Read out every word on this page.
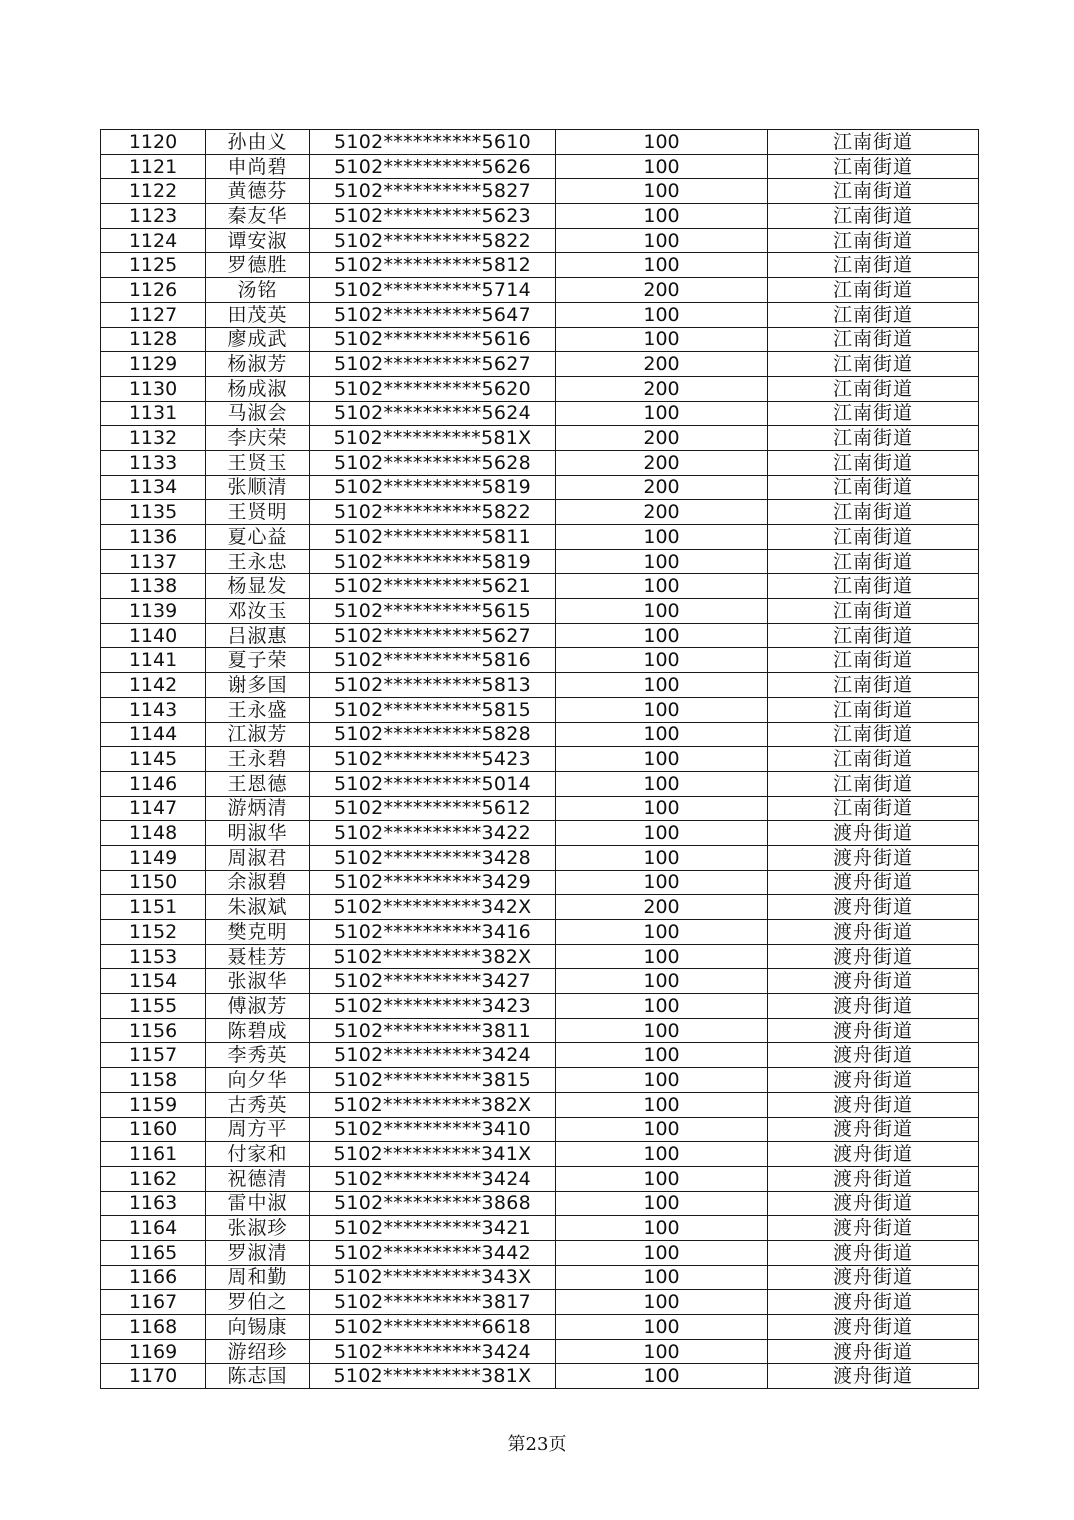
1120	孙由义	5102**********5610	100	江南街道
1121	申尚碧	5102**********5626	100	江南街道
1122	黄德芬	5102**********5827	100	江南街道
1123	秦友华	5102**********5623	100	江南街道
1124	谭安淑	5102**********5822	100	江南街道
1125	罗德胜	5102**********5812	100	江南街道
1126	汤铭	5102**********5714	200	江南街道
1127	田茂英	5102**********5647	100	江南街道
1128	廖成武	5102**********5616	100	江南街道
1129	杨淑芳	5102**********5627	200	江南街道
1130	杨成淑	5102**********5620	200	江南街道
1131	马淑会	5102**********5624	100	江南街道
1132	李庆荣	5102**********581X	200	江南街道
1133	王贤玉	5102**********5628	200	江南街道
1134	张顺清	5102**********5819	200	江南街道
1135	王贤明	5102**********5822	200	江南街道
1136	夏心益	5102**********5811	100	江南街道
1137	王永忠	5102**********5819	100	江南街道
1138	杨显发	5102**********5621	100	江南街道
1139	邓汝玉	5102**********5615	100	江南街道
1140	吕淑惠	5102**********5627	100	江南街道
1141	夏子荣	5102**********5816	100	江南街道
1142	谢多国	5102**********5813	100	江南街道
1143	王永盛	5102**********5815	100	江南街道
1144	江淑芳	5102**********5828	100	江南街道
1145	王永碧	5102**********5423	100	江南街道
1146	王恩德	5102**********5014	100	江南街道
1147	游炳清	5102**********5612	100	江南街道
1148	明淑华	5102**********3422	100	渡舟街道
1149	周淑君	5102**********3428	100	渡舟街道
1150	余淑碧	5102**********3429	100	渡舟街道
1151	朱淑斌	5102**********342X	200	渡舟街道
1152	樊克明	5102**********3416	100	渡舟街道
1153	聂桂芳	5102**********382X	100	渡舟街道
1154	张淑华	5102**********3427	100	渡舟街道
1155	傅淑芳	5102**********3423	100	渡舟街道
1156	陈碧成	5102**********3811	100	渡舟街道
1157	李秀英	5102**********3424	100	渡舟街道
1158	向夕华	5102**********3815	100	渡舟街道
1159	古秀英	5102**********382X	100	渡舟街道
1160	周方平	5102**********3410	100	渡舟街道
1161	付家和	5102**********341X	100	渡舟街道
1162	祝德清	5102**********3424	100	渡舟街道
1163	雷中淑	5102**********3868	100	渡舟街道
1164	张淑珍	5102**********3421	100	渡舟街道
1165	罗淑清	5102**********3442	100	渡舟街道
1166	周和勤	5102**********343X	100	渡舟街道
1167	罗伯之	5102**********3817	100	渡舟街道
1168	向锡康	5102**********6618	100	渡舟街道
1169	游绍珍	5102**********3424	100	渡舟街道
1170	陈志国	5102**********381X	100	渡舟街道
第23页
